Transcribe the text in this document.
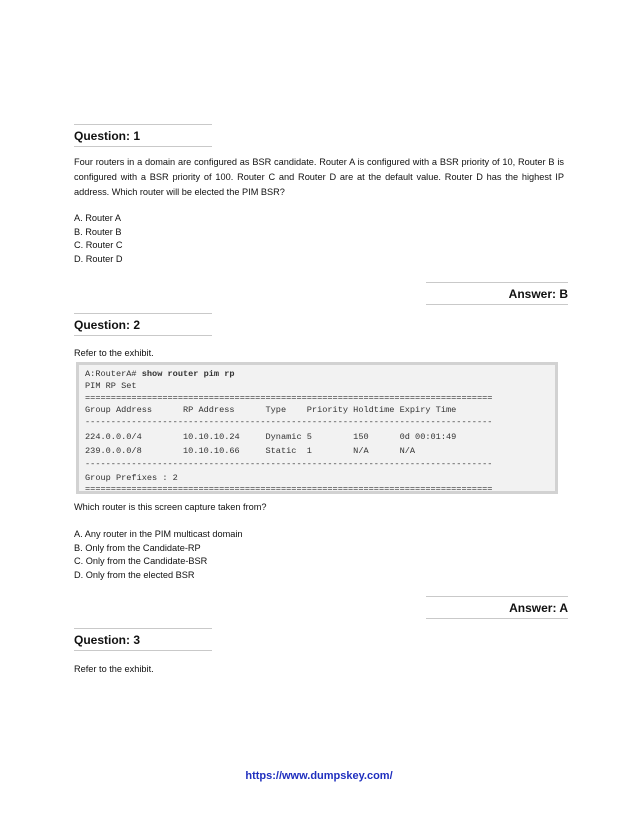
Question: 1
Four routers in a domain are configured as BSR candidate. Router A is configured with a BSR priority of 10, Router B is configured with a BSR priority of 100. Router C and Router D are at the default value. Router D has the highest IP address. Which router will be elected the PIM BSR?
A. Router A
B. Router B
C. Router C
D. Router D
Answer: B
Question: 2
Refer to the exhibit.
A:RouterA# show router pim rp
PIM RP Set
===============================================================================
Group Address      RP Address      Type    Priority Holdtime Expiry Time
-------------------------------------------------------------------------------
224.0.0.0/4        10.10.10.24     Dynamic 5        150      0d 00:01:49
239.0.0.0/8        10.10.10.66     Static  1        N/A      N/A
-------------------------------------------------------------------------------
Group Prefixes : 2
===============================================================================
Which router is this screen capture taken from?
A. Any router in the PIM multicast domain
B. Only from the Candidate-RP
C. Only from the Candidate-BSR
D. Only from the elected BSR
Answer: A
Question: 3
Refer to the exhibit.
https://www.dumpskey.com/
